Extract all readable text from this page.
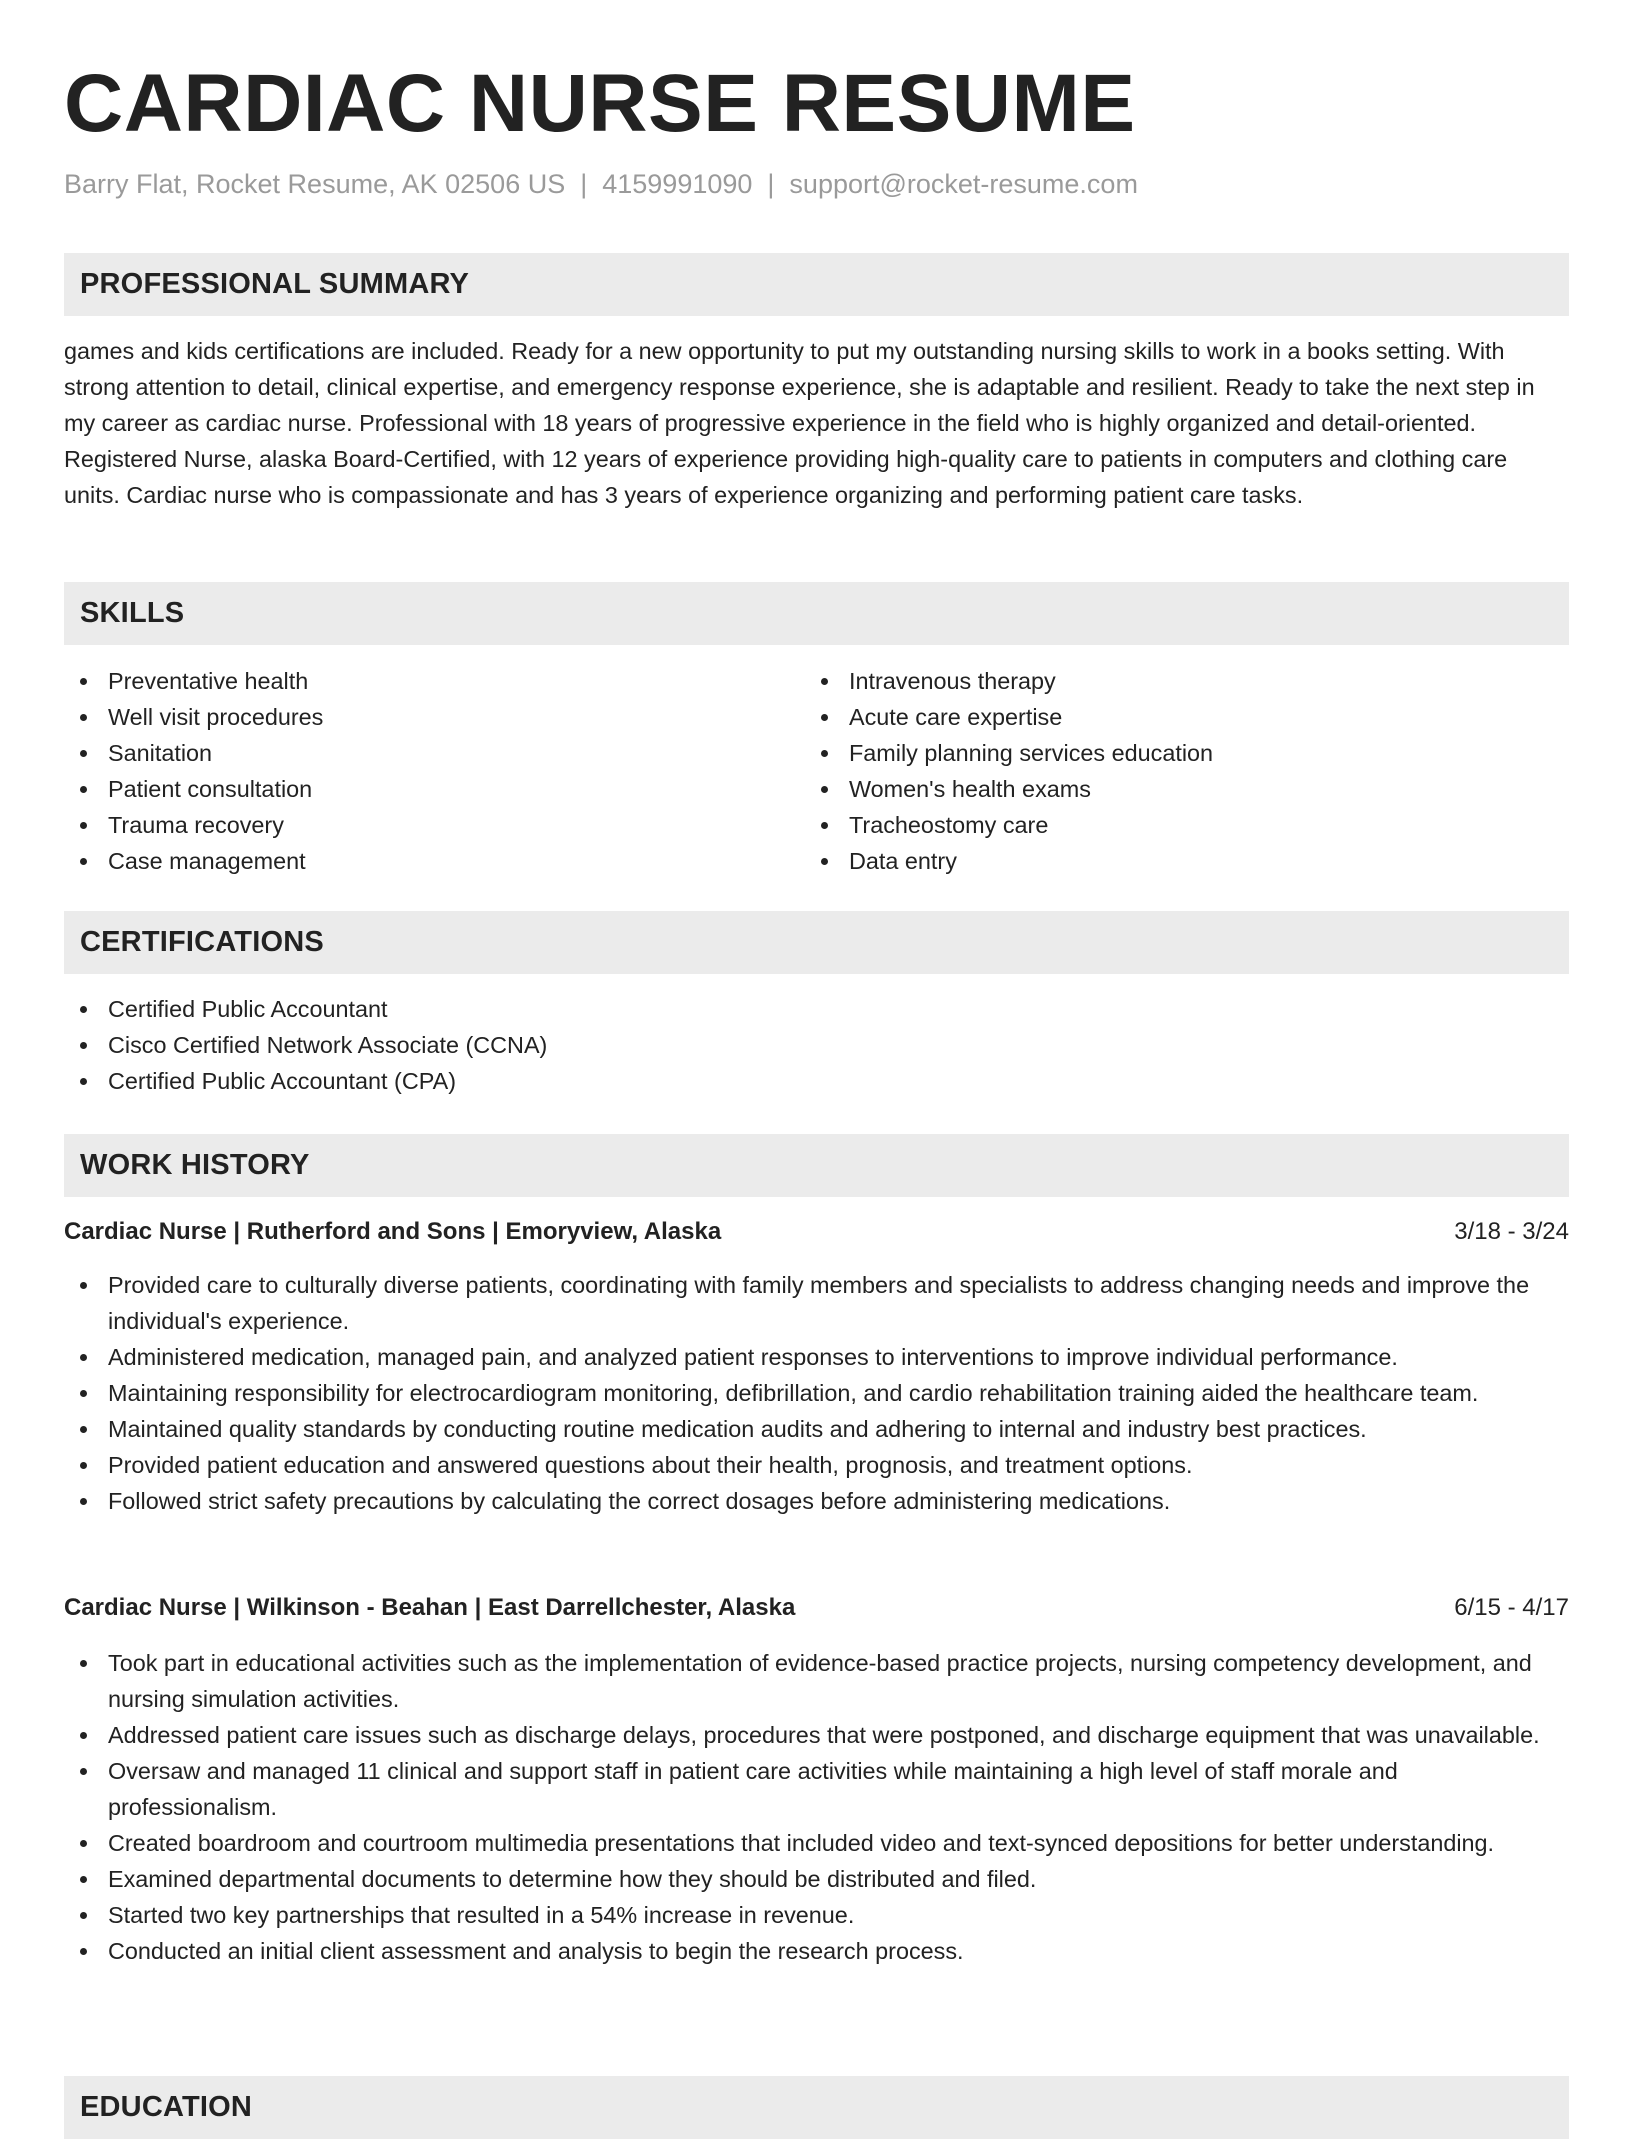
CARDIAC NURSE RESUME
Barry Flat, Rocket Resume, AK 02506 US | 4159991090 | support@rocket-resume.com
PROFESSIONAL SUMMARY

games and kids certifications are included. Ready for a new opportunity to put my outstanding nursing skills to work in a books setting. With strong attention to detail, clinical expertise, and emergency response experience, she is adaptable and resilient. Ready to take the next step in my career as cardiac nurse. Professional with 18 years of progressive experience in the field who is highly organized and detail-oriented. Registered Nurse, alaska Board-Certified, with 12 years of experience providing high-quality care to patients in computers and clothing care units. Cardiac nurse who is compassionate and has 3 years of experience organizing and performing patient care tasks.

SKILLS
Preventative health
Well visit procedures
Sanitation
Patient consultation
Trauma recovery
Case management
Intravenous therapy
Acute care expertise
Family planning services education
Women's health exams
Tracheostomy care
Data entry
CERTIFICATIONS
Certified Public Accountant
Cisco Certified Network Associate (CCNA)
Certified Public Accountant (CPA)
WORK HISTORY
Cardiac Nurse | Rutherford and Sons | Emoryview, Alaska	3/18 - 3/24
Provided care to culturally diverse patients, coordinating with family members and specialists to address changing needs and improve the individual's experience.
Administered medication, managed pain, and analyzed patient responses to interventions to improve individual performance.
Maintaining responsibility for electrocardiogram monitoring, defibrillation, and cardio rehabilitation training aided the healthcare team.
Maintained quality standards by conducting routine medication audits and adhering to internal and industry best practices.
Provided patient education and answered questions about their health, prognosis, and treatment options.
Followed strict safety precautions by calculating the correct dosages before administering medications.
Cardiac Nurse | Wilkinson - Beahan | East Darrellchester, Alaska	6/15 - 4/17
Took part in educational activities such as the implementation of evidence-based practice projects, nursing competency development, and nursing simulation activities.
Addressed patient care issues such as discharge delays, procedures that were postponed, and discharge equipment that was unavailable.
Oversaw and managed 11 clinical and support staff in patient care activities while maintaining a high level of staff morale and professionalism.
Created boardroom and courtroom multimedia presentations that included video and text-synced depositions for better understanding.
Examined departmental documents to determine how they should be distributed and filed.
Started two key partnerships that resulted in a 54% increase in revenue.
Conducted an initial client assessment and analysis to begin the research process.
EDUCATION
